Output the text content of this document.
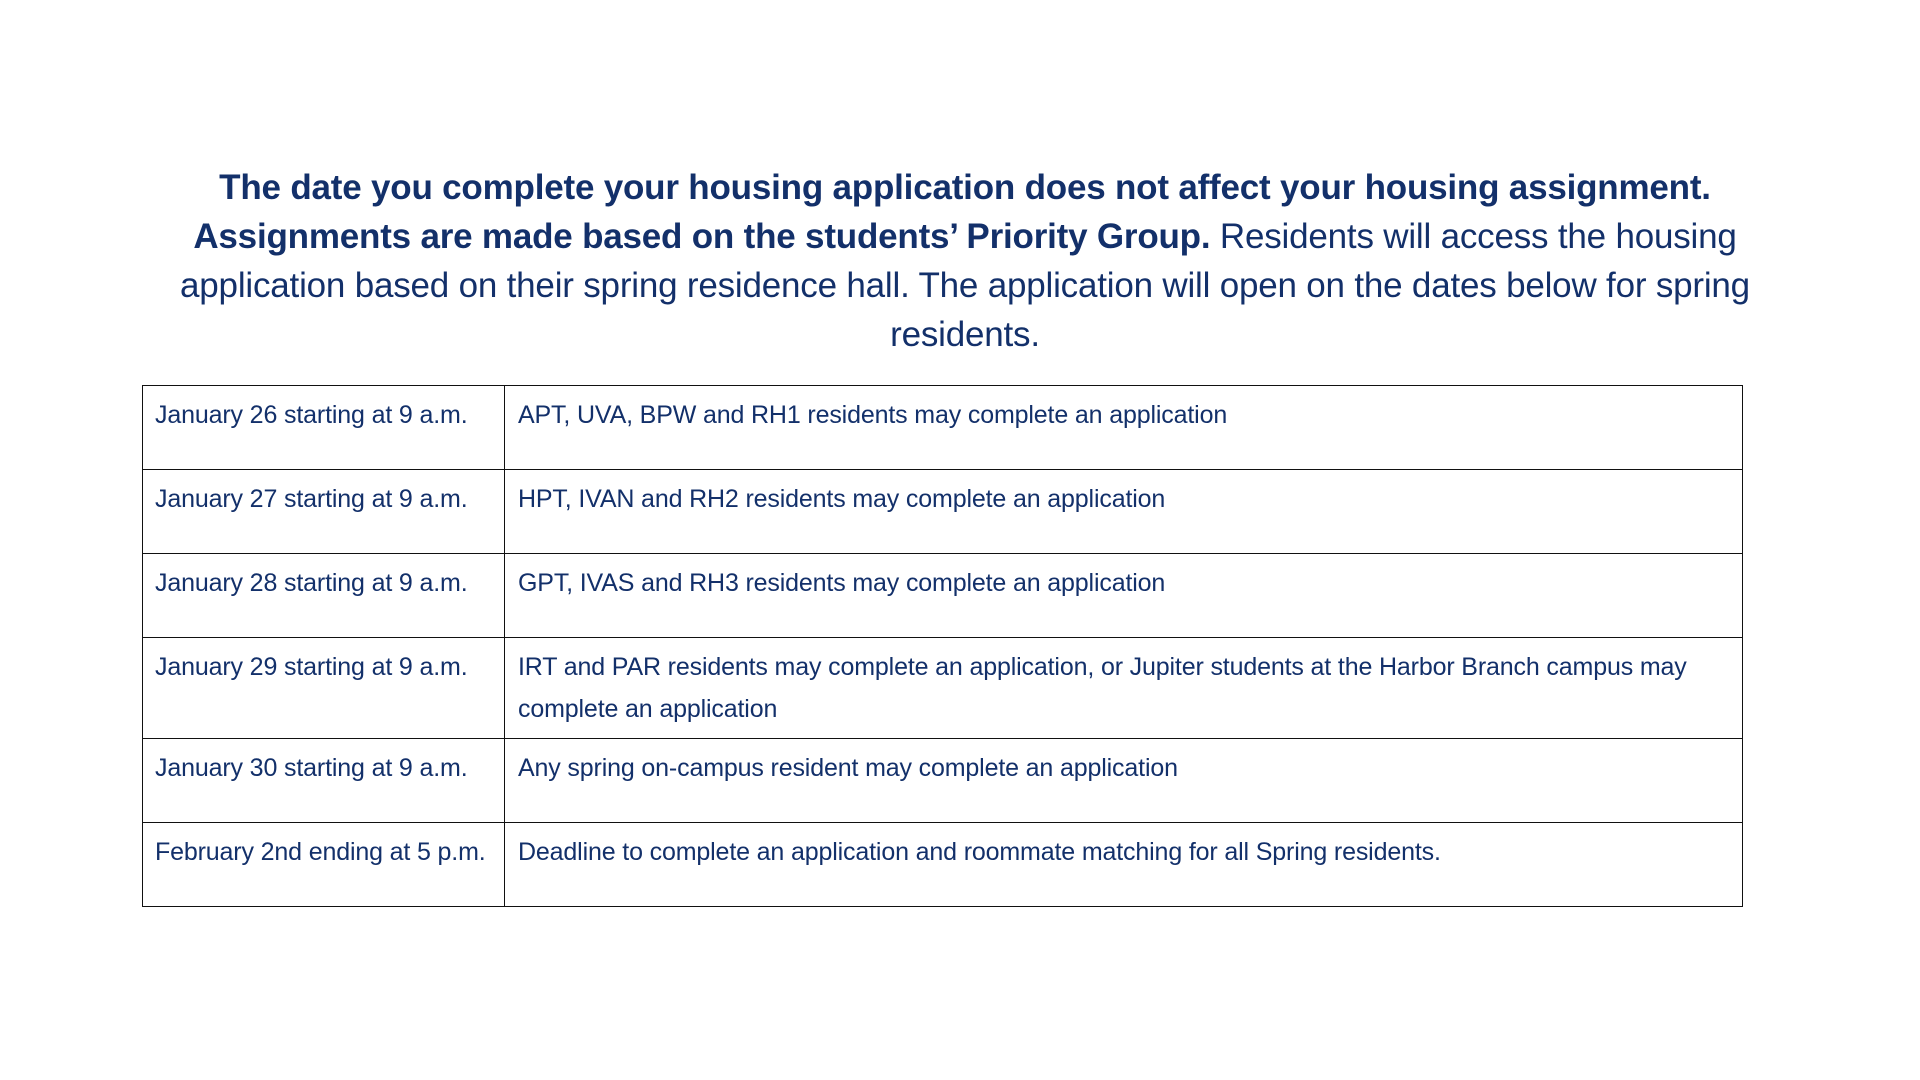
The date you complete your housing application does not affect your housing assignment. Assignments are made based on the students’ Priority Group. Residents will access the housing application based on their spring residence hall. The application will open on the dates below for spring residents.

January 26 starting at 9 a.m.	APT, UVA, BPW and RH1 residents may complete an application
January 27 starting at 9 a.m.	HPT, IVAN and RH2 residents may complete an application
January 28 starting at 9 a.m.	GPT, IVAS and RH3 residents may complete an application
January 29 starting at 9 a.m.	IRT and PAR residents may complete an application, or Jupiter students at the Harbor Branch campus may complete an application
January 30 starting at 9 a.m.	Any spring on-campus resident may complete an application
February 2nd ending at 5 p.m.	Deadline to complete an application and roommate matching for all Spring residents.
